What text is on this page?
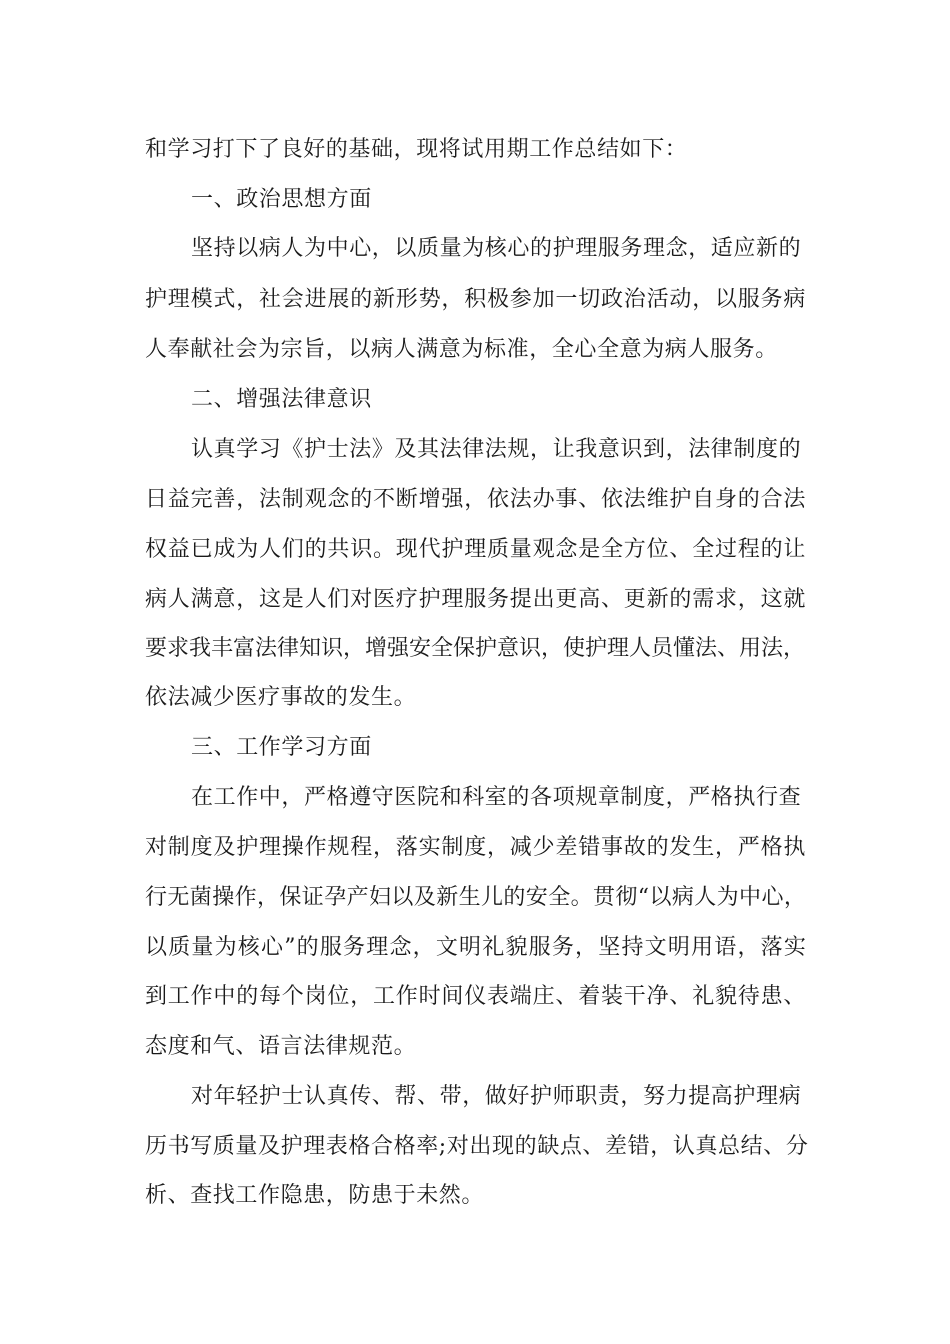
和学习打下了良好的基础，现将试用期工作总结如下：
一、政治思想方面
坚持以病人为中心，以质量为核心的护理服务理念，适应新的
护理模式，社会进展的新形势，积极参加一切政治活动，以服务病
人奉献社会为宗旨，以病人满意为标准，全心全意为病人服务。
二、增强法律意识
认真学习《护士法》及其法律法规，让我意识到，法律制度的
日益完善，法制观念的不断增强，依法办事、依法维护自身的合法
权益已成为人们的共识。现代护理质量观念是全方位、全过程的让
病人满意，这是人们对医疗护理服务提出更高、更新的需求，这就
要求我丰富法律知识，增强安全保护意识，使护理人员懂法、用法，
依法减少医疗事故的发生。
三、工作学习方面
在工作中，严格遵守医院和科室的各项规章制度，严格执行查
对制度及护理操作规程，落实制度，减少差错事故的发生，严格执
行无菌操作，保证孕产妇以及新生儿的安全。贯彻“以病人为中心，
以质量为核心”的服务理念，文明礼貌服务，坚持文明用语，落实
到工作中的每个岗位，工作时间仪表端庄、着装干净、礼貌待患、
态度和气、语言法律规范。
对年轻护士认真传、帮、带，做好护师职责，努力提高护理病
历书写质量及护理表格合格率;对出现的缺点、差错，认真总结、分
析、查找工作隐患，防患于未然。
